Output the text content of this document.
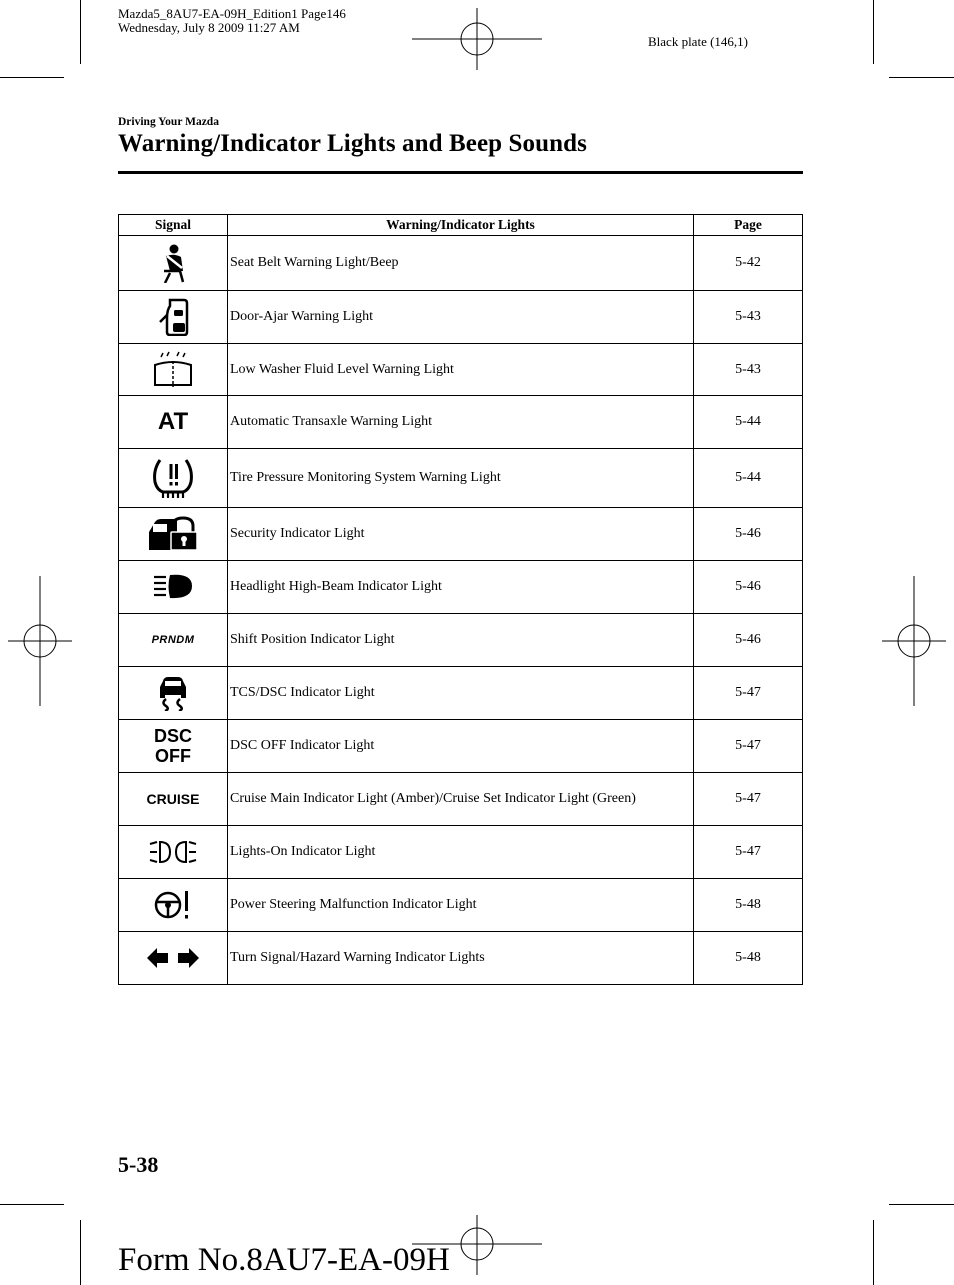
Mazda5_8AU7-EA-09H_Edition1 Page146
Wednesday, July 8 2009 11:27 AM
Black plate (146,1)
Driving Your Mazda
Warning/Indicator Lights and Beep Sounds
Signal	Warning/Indicator Lights	Page

	Seat Belt Warning Light/Beep	5-42

	Door-Ajar Warning Light	5-43

	Low Washer Fluid Level Warning Light	5-43

AT	Automatic Transaxle Warning Light	5-44

	Tire Pressure Monitoring System Warning Light	5-44

	Security Indicator Light	5-46

	Headlight High-Beam Indicator Light	5-46

PRNDM	Shift Position Indicator Light	5-46

	TCS/DSC Indicator Light	5-47

DSC
OFF	DSC OFF Indicator Light	5-47

CRUISE	Cruise Main Indicator Light (Amber)/Cruise Set Indicator Light (Green)	5-47

	Lights-On Indicator Light	5-47

	Power Steering Malfunction Indicator Light	5-48

	Turn Signal/Hazard Warning Indicator Lights	5-48
5-38
Form No.8AU7-EA-09H
